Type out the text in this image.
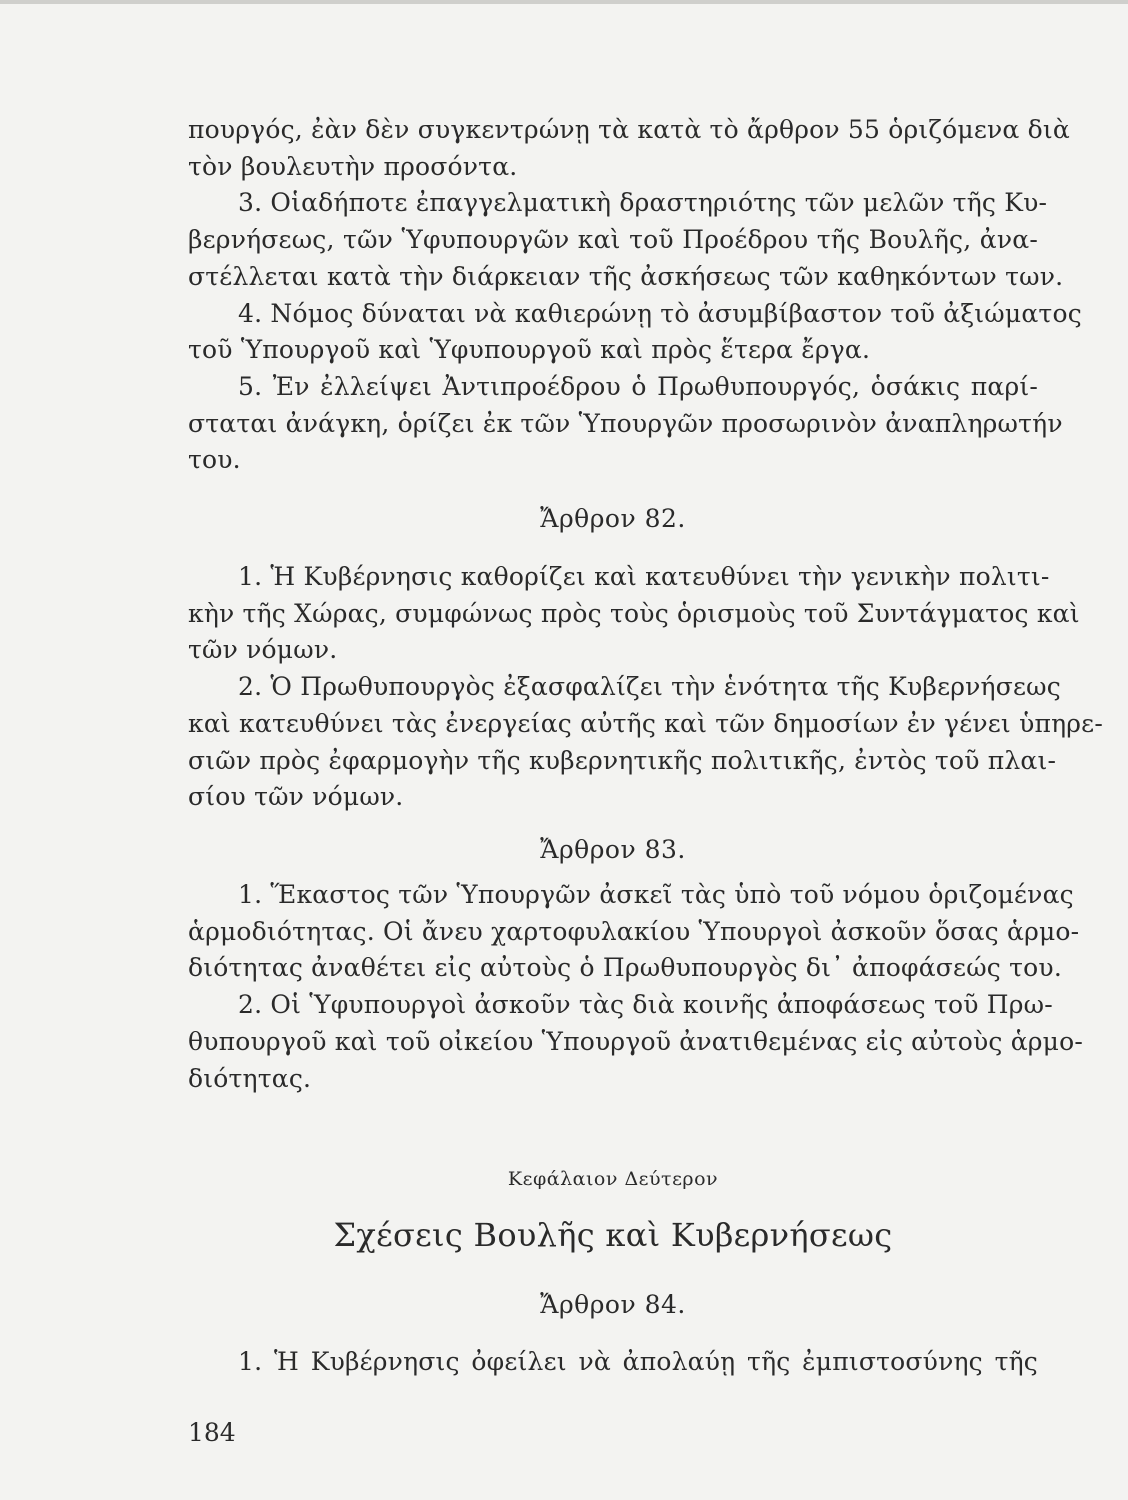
πουργός, ἐὰν δὲν συγκεντρώνῃ τὰ κατὰ τὸ ἄρθρον 55 ὁριζόμενα διὰ
τὸν βουλευτὴν προσόντα.
3. Οἱαδήποτε ἐπαγγελματικὴ δραστηριότης τῶν μελῶν τῆς Κυ-
βερνήσεως, τῶν Ὑφυπουργῶν καὶ τοῦ Προέδρου τῆς Βουλῆς, ἀνα-
στέλλεται κατὰ τὴν διάρκειαν τῆς ἀσκήσεως τῶν καθηκόντων των.
4. Νόμος δύναται νὰ καθιερώνῃ τὸ ἀσυμβίβαστον τοῦ ἀξιώματος
τοῦ Ὑπουργοῦ καὶ Ὑφυπουργοῦ καὶ πρὸς ἕτερα ἔργα.
5. Ἐν ἐλλείψει Ἀντιπροέδρου ὁ Πρωθυπουργός, ὁσάκις παρί-
σταται ἀνάγκη, ὁρίζει ἐκ τῶν Ὑπουργῶν προσωρινὸν ἀναπληρωτήν
του.
Ἄρθρον 82.
1. Ἡ Κυβέρνησις καθορίζει καὶ κατευθύνει τὴν γενικὴν πολιτι-
κὴν τῆς Χώρας, συμφώνως πρὸς τοὺς ὁρισμοὺς τοῦ Συντάγματος καὶ
τῶν νόμων.
2. Ὁ Πρωθυπουργὸς ἐξασφαλίζει τὴν ἑνότητα τῆς Κυβερνήσεως
καὶ κατευθύνει τὰς ἐνεργείας αὐτῆς καὶ τῶν δημοσίων ἐν γένει ὑπηρε-
σιῶν πρὸς ἐφαρμογὴν τῆς κυβερνητικῆς πολιτικῆς, ἐντὸς τοῦ πλαι-
σίου τῶν νόμων.
Ἄρθρον 83.
1. Ἕκαστος τῶν Ὑπουργῶν ἀσκεῖ τὰς ὑπὸ τοῦ νόμου ὁριζομένας
ἁρμοδιότητας. Οἱ ἄνευ χαρτοφυλακίου Ὑπουργοὶ ἀσκοῦν ὅσας ἁρμο-
διότητας ἀναθέτει εἰς αὐτοὺς ὁ Πρωθυπουργὸς δι᾽ ἀποφάσεώς του.
2. Οἱ Ὑφυπουργοὶ ἀσκοῦν τὰς διὰ κοινῆς ἀποφάσεως τοῦ Πρω-
θυπουργοῦ καὶ τοῦ οἰκείου Ὑπουργοῦ ἀνατιθεμένας εἰς αὐτοὺς ἁρμο-
διότητας.
Κεφάλαιον Δεύτερον
Σχέσεις Βουλῆς καὶ Κυβερνήσεως
Ἄρθρον 84.
1. Ἡ Κυβέρνησις ὀφείλει νὰ ἀπολαύῃ τῆς ἐμπιστοσύνης τῆς
184
